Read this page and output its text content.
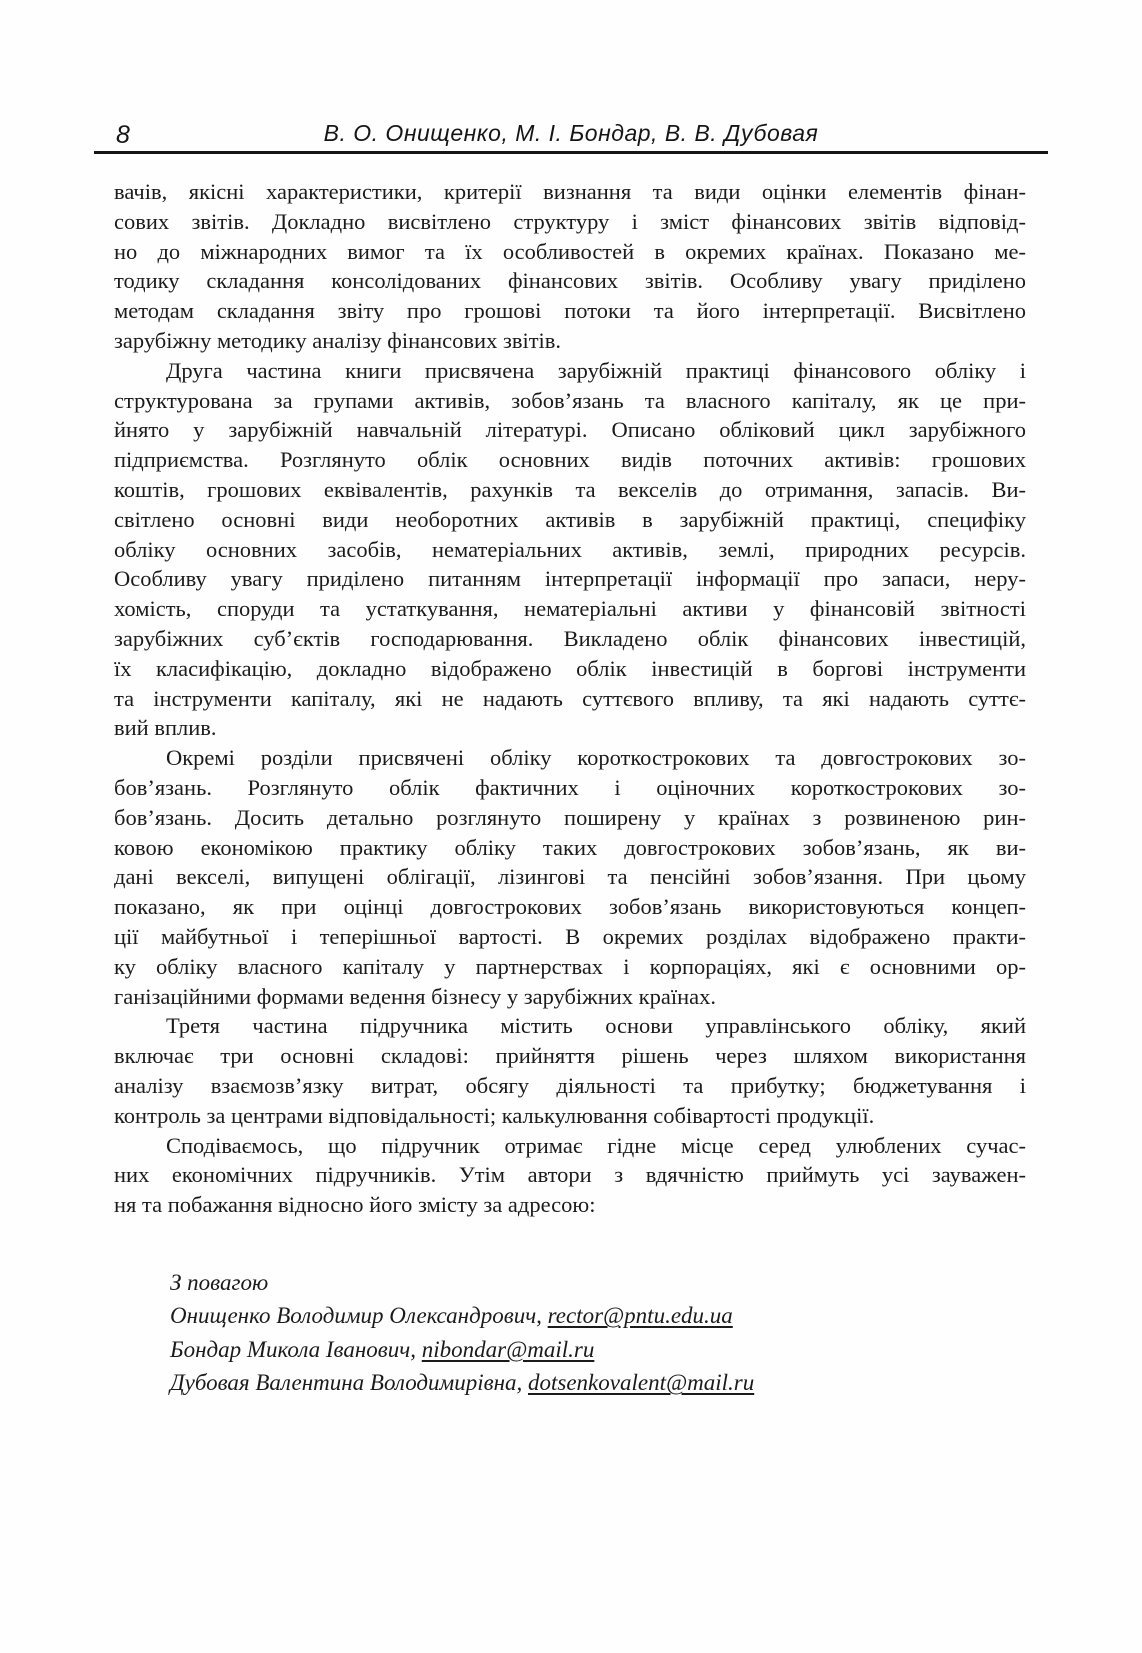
8	В. О. Онищенко, М. І. Бондар, В. В. Дубовая
вачів, якісні характеристики, критерії визнання та види оцінки елементів фінан-
сових звітів. Докладно висвітлено структуру і зміст фінансових звітів відповід-
но до міжнародних вимог та їх особливостей в окремих країнах. Показано ме-
тодику складання консолідованих фінансових звітів. Особливу увагу приділено
методам складання звіту про грошові потоки та його інтерпретації. Висвітлено
зарубіжну методику аналізу фінансових звітів.
Друга частина книги присвячена зарубіжній практиці фінансового обліку і
структурована за групами активів, зобов’язань та власного капіталу, як це при-
йнято у зарубіжній навчальній літературі. Описано обліковий цикл зарубіжного
підприємства. Розглянуто облік основних видів поточних активів: грошових
коштів, грошових еквівалентів, рахунків та векселів до отримання, запасів. Ви-
світлено основні види необоротних активів в зарубіжній практиці, специфіку
обліку основних засобів, нематеріальних активів, землі, природних ресурсів.
Особливу увагу приділено питанням інтерпретації інформації про запаси, неру-
хомість, споруди та устаткування, нематеріальні активи у фінансовій звітності
зарубіжних суб’єктів господарювання. Викладено облік фінансових інвестицій,
їх класифікацію, докладно відображено облік інвестицій в боргові інструменти
та інструменти капіталу, які не надають суттєвого впливу, та які надають суттє-
вий вплив.
Окремі розділи присвячені обліку короткострокових та довгострокових зо-
бов’язань. Розглянуто облік фактичних і оціночних короткострокових зо-
бов’язань. Досить детально розглянуто поширену у країнах з розвиненою рин-
ковою економікою практику обліку таких довгострокових зобов’язань, як ви-
дані векселі, випущені облігації, лізингові та пенсійні зобов’язання. При цьому
показано, як при оцінці довгострокових зобов’язань використовуються концеп-
ції майбутньої і теперішньої вартості. В окремих розділах відображено практи-
ку обліку власного капіталу у партнерствах і корпораціях, які є основними ор-
ганізаційними формами ведення бізнесу у зарубіжних країнах.
Третя частина підручника містить основи управлінського обліку, який
включає три основні складові: прийняття рішень через шляхом використання
аналізу взаємозв’язку витрат, обсягу діяльності та прибутку; бюджетування і
контроль за центрами відповідальності; калькулювання собівартості продукції.
Сподіваємось, що підручник отримає гідне місце серед улюблених сучас-
них економічних підручників. Утім автори з вдячністю приймуть усі зауважен-
ня та побажання відносно його змісту за адресою:
З повагою
Онищенко Володимир Олександрович, rector@pntu.edu.ua
Бондар Микола Іванович, nibondar@mail.ru
Дубовая Валентина Володимирівна, dotsenkovalent@mail.ru
